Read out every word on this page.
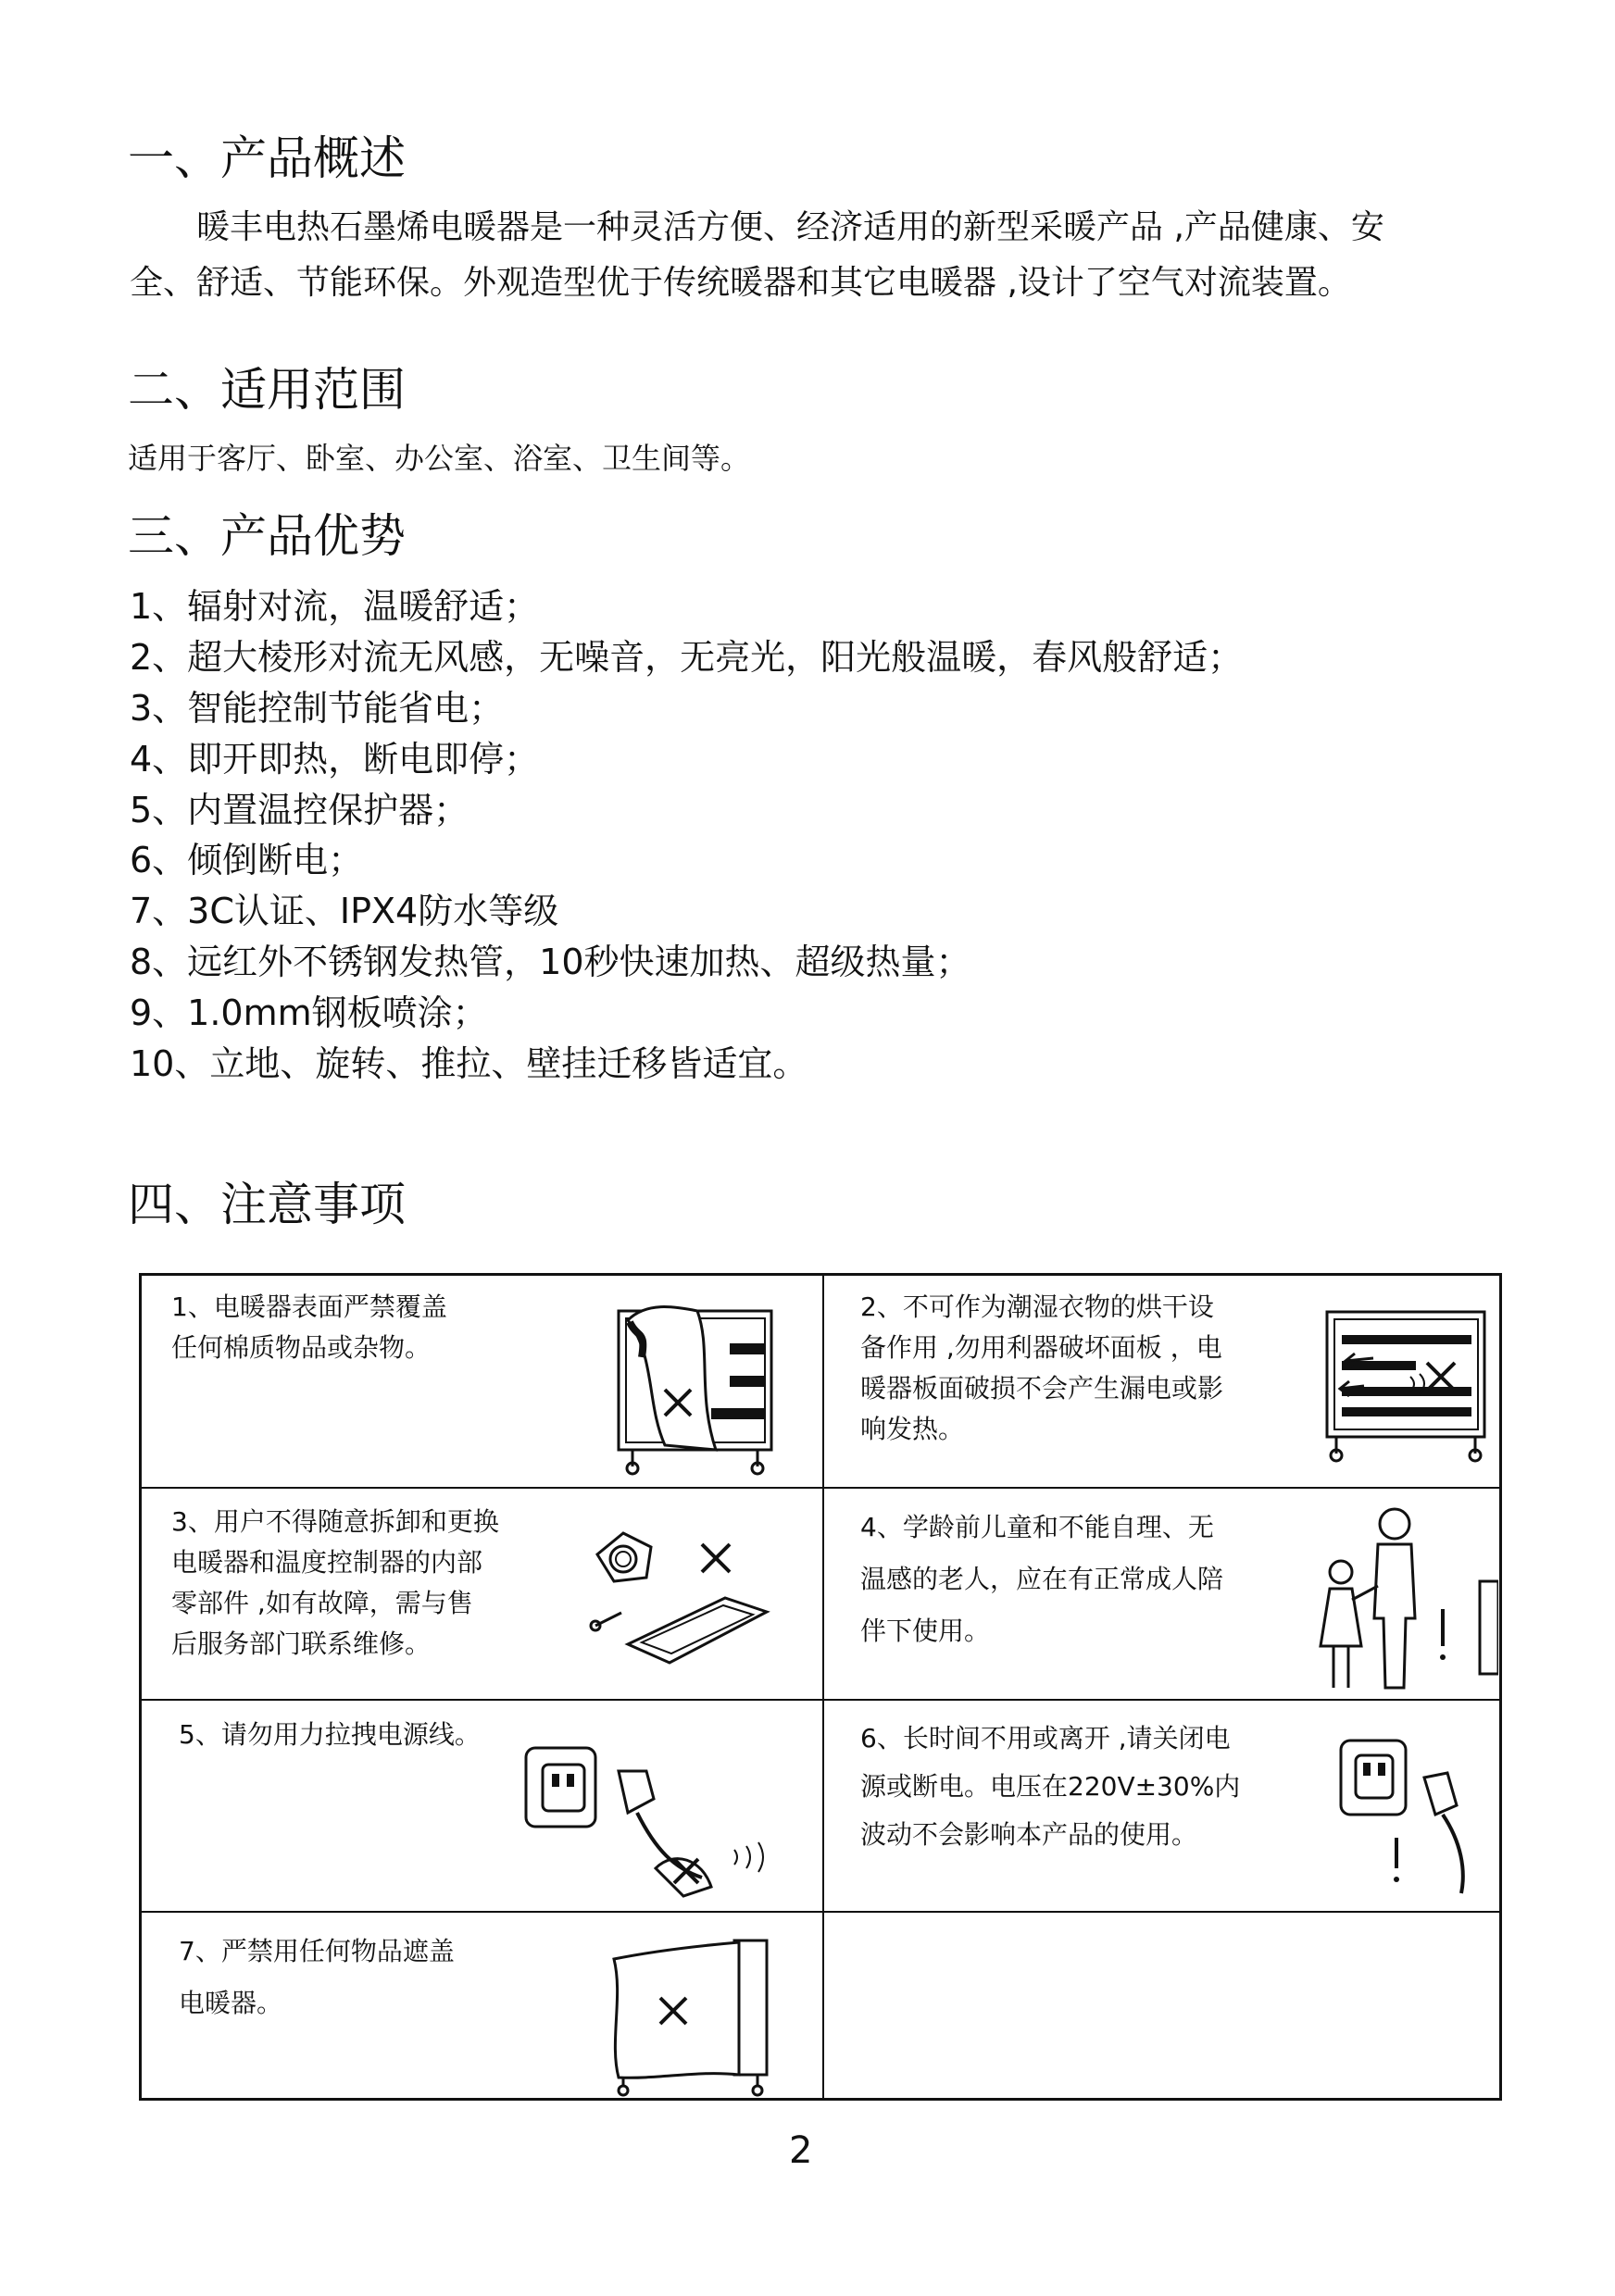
一、产品概述

暖丰电热石墨烯电暖器是一种灵活方便、经济适用的新型采暖产品 ,产品健康、安
全、舒适、节能环保。外观造型优于传统暖器和其它电暖器 ,设计了空气对流装置。

二、适用范围

适用于客厅、卧室、办公室、浴室、卫生间等。

三、产品优势

1、辐射对流，温暖舒适；

2、超大棱形对流无风感，无噪音，无亮光，阳光般温暖，春风般舒适；

3、智能控制节能省电；

4、即开即热，断电即停；

5、内置温控保护器；

6、倾倒断电；

7、3C认证、IPX4防水等级

8、远红外不锈钢发热管，10秒快速加热、超级热量；

9、1.0mm钢板喷涂；

10、立地、旋转、推拉、壁挂迁移皆适宜。

四、注意事项

1、电暖器表面严禁覆盖
任何棉质物品或杂物。

2、不可作为潮湿衣物的烘干设
备作用 ,勿用利器破坏面板 ，电
暖器板面破损不会产生漏电或影
响发热。

3、用户不得随意拆卸和更换
电暖器和温度控制器的内部
零部件 ,如有故障，需与售
后服务部门联系维修。

4、学龄前儿童和不能自理、无
温感的老人，应在有正常成人陪
伴下使用。

5、请勿用力拉拽电源线。	6、长时间不用或离开 ,请关闭电
源或断电。电压在220V±30%内
波动不会影响本产品的使用。

7、严禁用任何物品遮盖
电暖器。

2
